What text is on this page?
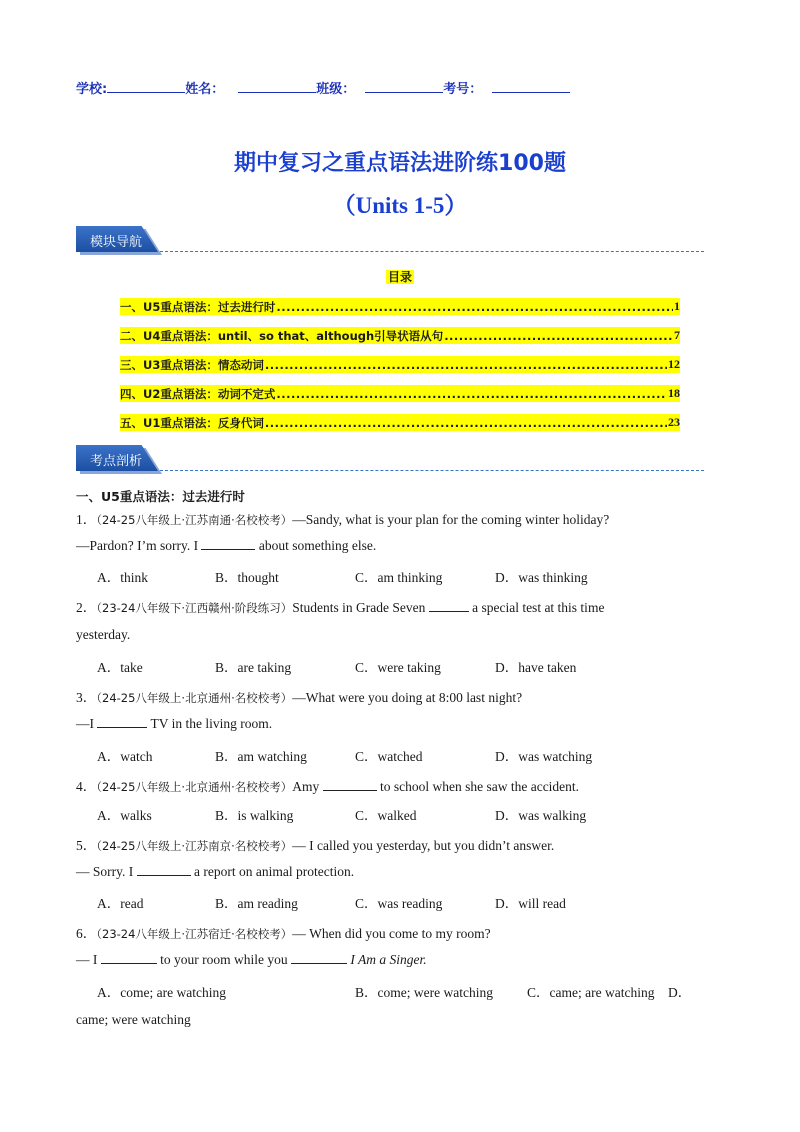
学校:	姓名：	班级：	考号：
期中复习之重点语法进阶练100题
（Units 1-5）
模块导航
目录
一、U5重点语法：过去进行时 .....	1
二、U4重点语法：until、so that、although引导状语从句 .....	7
三、U3重点语法：情态动词 .....	12
四、U2重点语法：动词不定式 .....	18
五、U1重点语法：反身代词 .....	23
考点剖析
一、U5重点语法：过去进行时
1．（24-25八年级上·江苏南通·名校校考）—Sandy, what is your plan for the coming winter holiday?
—Pardon? I’m sorry. I	about something else.
A．think	B．thought	C．am thinking	D．was thinking
2．（23-24八年级下·江西赣州·阶段练习）Students in Grade Seven	a special test at this time
yesterday.
A．take	B．are taking	C．were taking	D．have taken
3．（24-25八年级上·北京通州·名校校考）—What were you doing at 8:00 last night?
—I	TV in the living room.
A．watch	B．am watching	C．watched	D．was watching
4．（24-25八年级上·北京通州·名校校考）Amy	to school when she saw the accident.
A．walks	B．is walking	C．walked	D．was walking
5．（24-25八年级上·江苏南京·名校校考）— I called you yesterday, but you didn’t answer.
— Sorry. I	a report on animal protection.
A．read	B．am reading	C．was reading	D．will read
6．（23-24八年级上·江苏宿迁·名校校考）— When did you come to my room?
— I	to your room while you	I Am a Singer.
A．come; are watching	B．come; were watching	C．came; are watching D．
came; were watching
